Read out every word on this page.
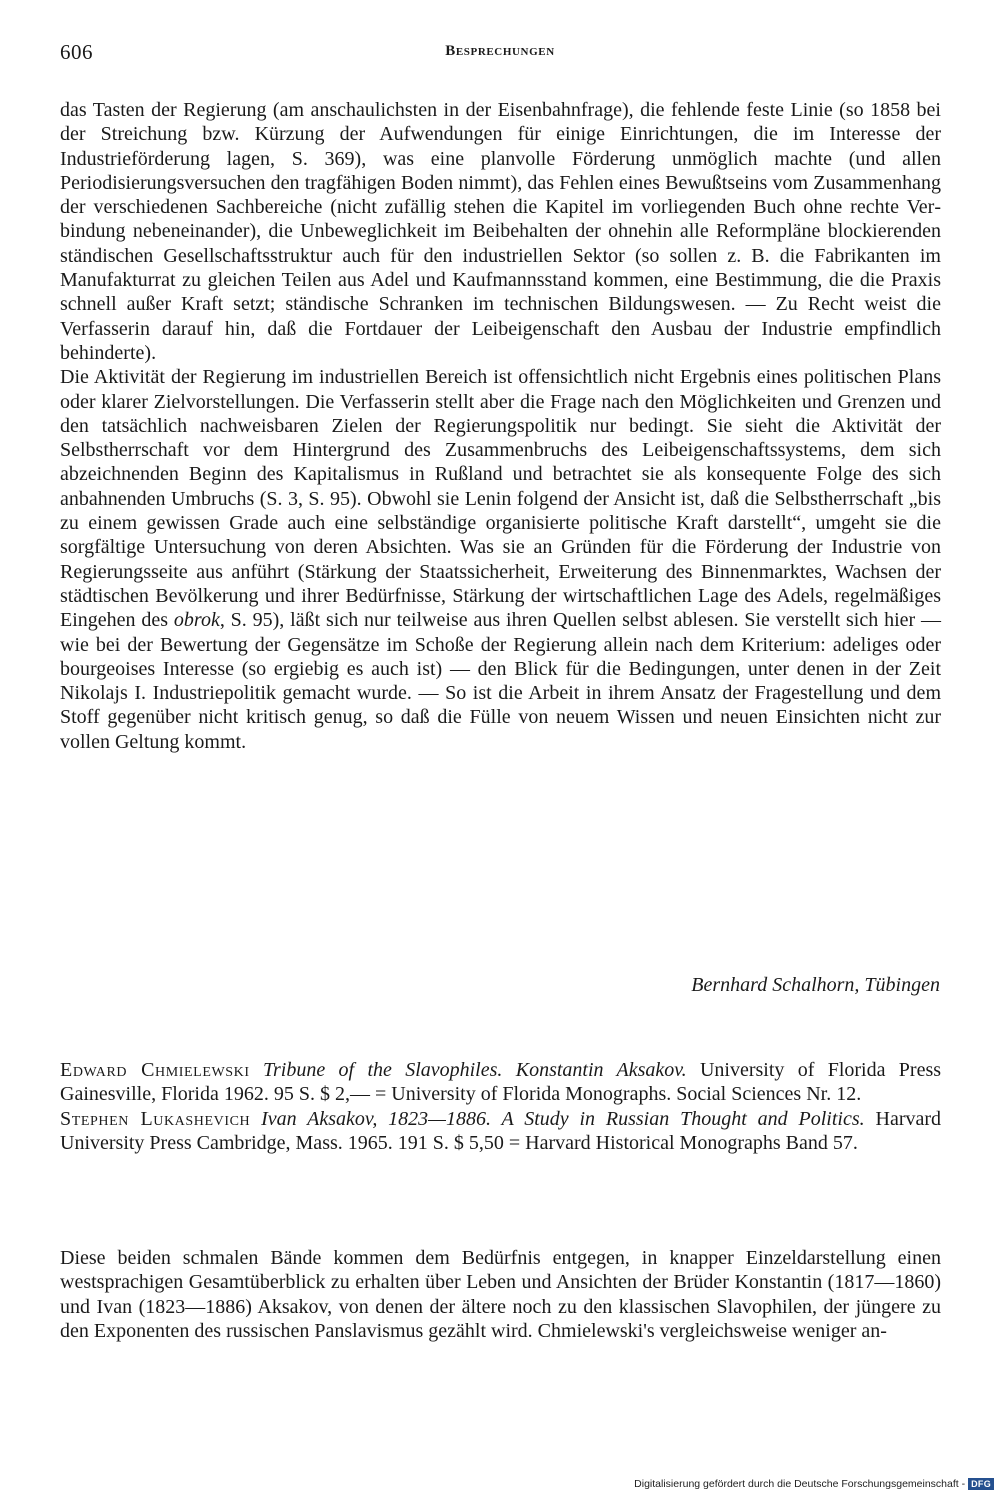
606	Besprechungen

das Tasten der Regierung (am anschaulichsten in der Eisenbahnfrage), die fehlende feste Linie (so 1858 bei der Streichung bzw. Kürzung der Aufwendungen für einige Einrichtungen, die im Interesse der Industrieförderung lagen, S. 369), was eine planvolle Förderung unmöglich machte (und allen Periodisierungsversuchen den tragfähigen Boden nimmt), das Fehlen eines Bewußtseins vom Zusammenhang der verschiedenen Sachbereiche (nicht zufällig stehen die Kapitel im vorliegenden Buch ohne rechte Verbindung nebeneinander), die Unbeweglichkeit im Beibehalten der ohnehin alle Reformpläne blockierenden ständischen Gesellschaftsstruktur auch für den industriellen Sektor (so sollen z. B. die Fabrikanten im Manufakturrat zu gleichen Teilen aus Adel und Kaufmannsstand kommen, eine Bestimmung, die die Praxis schnell außer Kraft setzt; ständische Schranken im technischen Bildungswesen. — Zu Recht weist die Verfasserin darauf hin, daß die Fortdauer der Leibeigenschaft den Ausbau der Industrie empfindlich behinderte).

Die Aktivität der Regierung im industriellen Bereich ist offensichtlich nicht Ergebnis eines politischen Plans oder klarer Zielvorstellungen. Die Verfasserin stellt aber die Frage nach den Möglichkeiten und Grenzen und den tatsächlich nachweisbaren Zielen der Regierungspolitik nur bedingt. Sie sieht die Aktivität der Selbstherrschaft vor dem Hintergrund des Zusammenbruchs des Leibeigenschaftssystems, dem sich abzeichnenden Beginn des Kapitalismus in Rußland und betrachtet sie als konsequente Folge des sich anbahnenden Umbruchs (S. 3, S. 95). Obwohl sie Lenin folgend der Ansicht ist, daß die Selbstherrschaft „bis zu einem gewissen Grade auch eine selbständige organisierte politische Kraft darstellt“, umgeht sie die sorgfältige Untersuchung von deren Absichten. Was sie an Gründen für die Förderung der Industrie von Regierungsseite aus anführt (Stärkung der Staatssicherheit, Erweiterung des Binnenmarktes, Wachsen der städtischen Bevölkerung und ihrer Bedürfnisse, Stärkung der wirtschaftlichen Lage des Adels, regelmäßiges Eingehen des obrok, S. 95), läßt sich nur teilweise aus ihren Quellen selbst ablesen. Sie verstellt sich hier — wie bei der Bewertung der Gegensätze im Schoße der Regierung allein nach dem Kriterium: adeliges oder bourgeoises Interesse (so ergiebig es auch ist) — den Blick für die Bedingungen, unter denen in der Zeit Nikolajs I. Industriepolitik gemacht wurde. — So ist die Arbeit in ihrem Ansatz der Fragestellung und dem Stoff gegenüber nicht kritisch genug, so daß die Fülle von neuem Wissen und neuen Einsichten nicht zur vollen Geltung kommt.

Bernhard Schalhorn, Tübingen

Edward Chmielewski Tribune of the Slavophiles. Konstantin Aksakov. University of Florida Press Gainesville, Florida 1962. 95 S. $ 2,— = University of Florida Monographs. Social Sciences Nr. 12.

Stephen Lukashevich Ivan Aksakov, 1823—1886. A Study in Russian Thought and Politics. Harvard University Press Cambridge, Mass. 1965. 191 S. $ 5,50 = Harvard Historical Monographs Band 57.

Diese beiden schmalen Bände kommen dem Bedürfnis entgegen, in knapper Einzeldarstellung einen westsprachigen Gesamtüberblick zu erhalten über Leben und Ansichten der Brüder Konstantin (1817—1860) und Ivan (1823—1886) Aksakov, von denen der ältere noch zu den klassischen Slavophilen, der jüngere zu den Exponenten des russischen Panslavismus gezählt wird. Chmielewski's vergleichsweise weniger an-

Digitalisierung gefördert durch die Deutsche Forschungsgemeinschaft - DFG
